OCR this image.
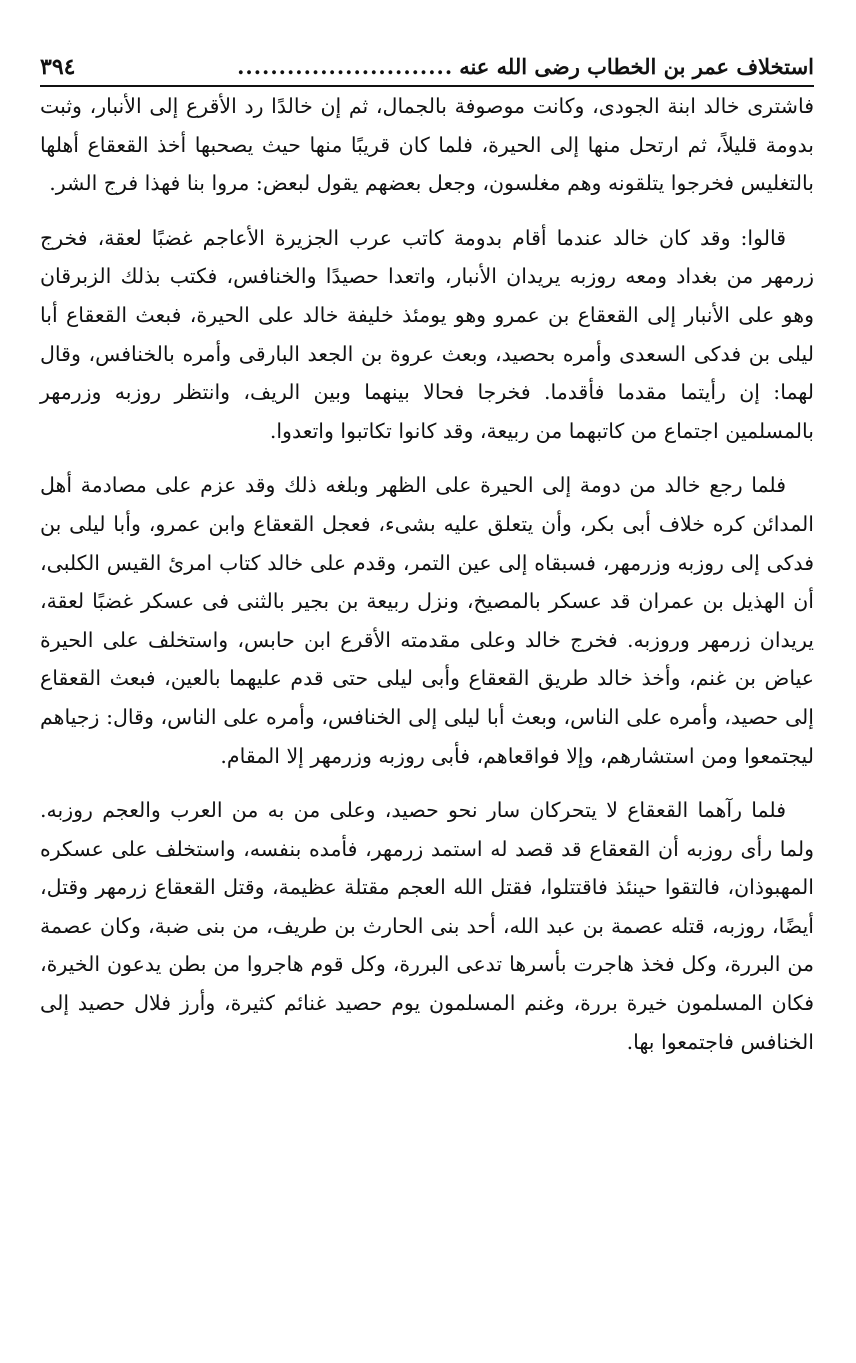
استخلاف عمر بن الخطاب رضى الله عنه
..........................
٣٩٤

فاشترى خالد ابنة الجودى، وكانت موصوفة بالجمال، ثم إن خالدًا رد الأقرع إلى الأنبار، وثبت بدومة قليلاً، ثم ارتحل منها إلى الحيرة، فلما كان قريبًا منها حيث يصحبها أخذ القعقاع أهلها بالتغليس فخرجوا يتلقونه وهم مغلسون، وجعل بعضهم يقول لبعض: مروا بنا فهذا فرج الشر.

قالوا: وقد كان خالد عندما أقام بدومة كاتب عرب الجزيرة الأعاجم غضبًا لعقة، فخرج زرمهر من بغداد ومعه روزبه يريدان الأنبار، واتعدا حصيدًا والخنافس، فكتب بذلك الزبرقان وهو على الأنبار إلى القعقاع بن عمرو وهو يومئذ خليفة خالد على الحيرة، فبعث القعقاع أبا ليلى بن فدكى السعدى وأمره بحصيد، وبعث عروة بن الجعد البارقى وأمره بالخنافس، وقال لهما: إن رأيتما مقدما فأقدما. فخرجا فحالا بينهما وبين الريف، وانتظر روزبه وزرمهر بالمسلمين اجتماع من كاتبهما من ربيعة، وقد كانوا تكاتبوا واتعدوا.

فلما رجع خالد من دومة إلى الحيرة على الظهر وبلغه ذلك وقد عزم على مصادمة أهل المدائن كره خلاف أبى بكر، وأن يتعلق عليه بشىء، فعجل القعقاع وابن عمرو، وأبا ليلى بن فدكى إلى روزبه وزرمهر، فسبقاه إلى عين التمر، وقدم على خالد كتاب امرئ القيس الكلبى، أن الهذيل بن عمران قد عسكر بالمصيخ، ونزل ربيعة بن بجير بالثنى فى عسكر غضبًا لعقة، يريدان زرمهر وروزبه. فخرج خالد وعلى مقدمته الأقرع ابن حابس، واستخلف على الحيرة عياض بن غنم، وأخذ خالد طريق القعقاع وأبى ليلى حتى قدم عليهما بالعين، فبعث القعقاع إلى حصيد، وأمره على الناس، وبعث أبا ليلى إلى الخنافس، وأمره على الناس، وقال: زجياهم ليجتمعوا ومن استشارهم، وإلا فواقعاهم، فأبى روزبه وزرمهر إلا المقام.

فلما رآهما القعقاع لا يتحركان سار نحو حصيد، وعلى من به من العرب والعجم روزبه. ولما رأى روزبه أن القعقاع قد قصد له استمد زرمهر، فأمده بنفسه، واستخلف على عسكره المهبوذان، فالتقوا حينئذ فاقتتلوا، فقتل الله العجم مقتلة عظيمة، وقتل القعقاع زرمهر وقتل، أيضًا، روزبه، قتله عصمة بن عبد الله، أحد بنى الحارث بن طريف، من بنى ضبة، وكان عصمة من البررة، وكل فخذ هاجرت بأسرها تدعى البررة، وكل قوم هاجروا من بطن يدعون الخيرة، فكان المسلمون خيرة بررة، وغنم المسلمون يوم حصيد غنائم كثيرة، وأرز فلال حصيد إلى الخنافس فاجتمعوا بها.
